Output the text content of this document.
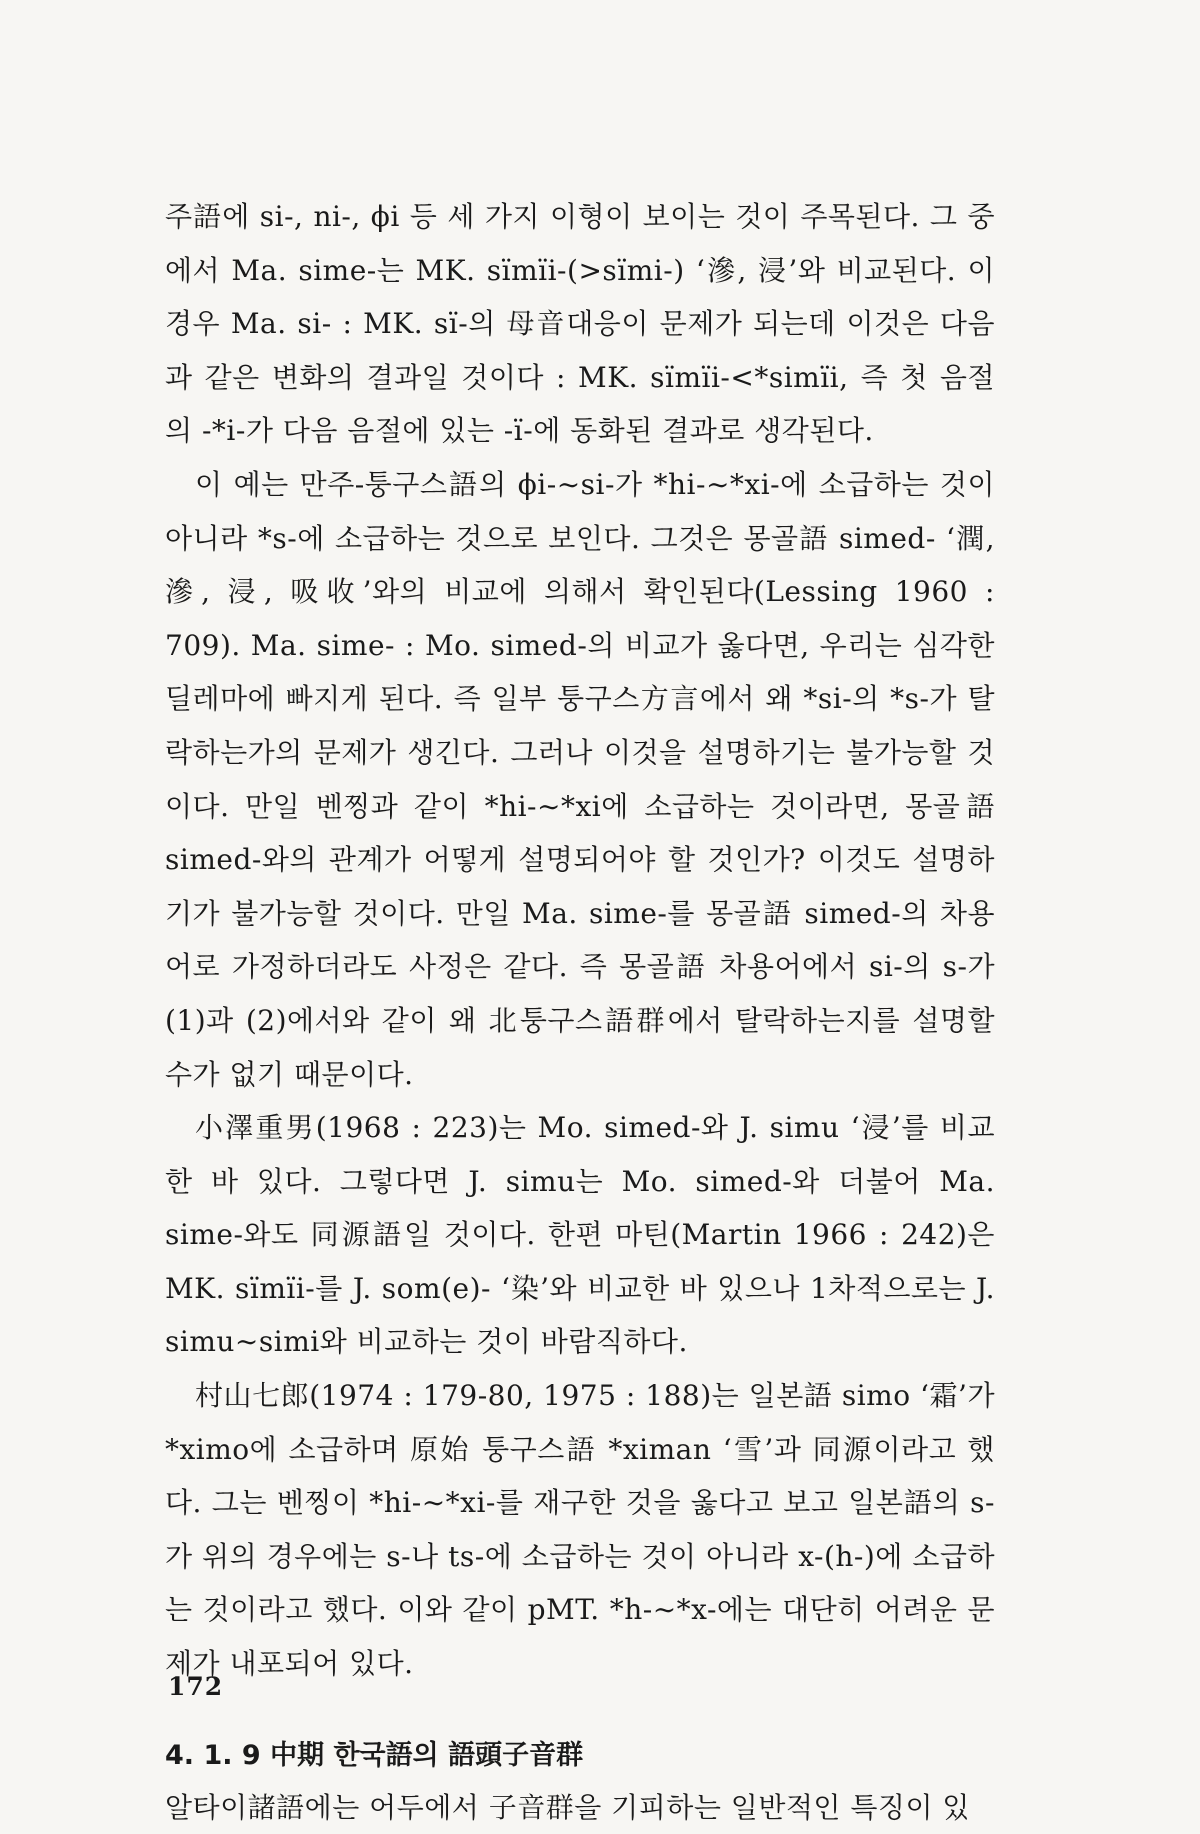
주語에 si-, ni-, ϕi 등 세 가지 이형이 보이는 것이 주목된다. 그 중에서 Ma. sime-는 MK. sïmïi-(>sïmi-) ‘滲, 浸’와 비교된다. 이 경우 Ma. si- : MK. sï-의 母音대응이 문제가 되는데 이것은 다음과 같은 변화의 결과일 것이다 : MK. sïmïi-<*simïi, 즉 첫 음절의 -*i-가 다음 음절에 있는 -ï-에 동화된 결과로 생각된다.

이 예는 만주-퉁구스語의 ϕi-∼si-가 *hi-∼*xi-에 소급하는 것이 아니라 *s-에 소급하는 것으로 보인다. 그것은 몽골語 simed- ‘潤, 滲, 浸, 吸收’와의 비교에 의해서 확인된다(Lessing 1960 : 709). Ma. sime- : Mo. simed-의 비교가 옳다면, 우리는 심각한 딜레마에 빠지게 된다. 즉 일부 퉁구스方言에서 왜 *si-의 *s-가 탈락하는가의 문제가 생긴다. 그러나 이것을 설명하기는 불가능할 것이다. 만일 벤찡과 같이 *hi-∼*xi에 소급하는 것이라면, 몽골語 simed-와의 관계가 어떻게 설명되어야 할 것인가? 이것도 설명하기가 불가능할 것이다. 만일 Ma. sime-를 몽골語 simed-의 차용어로 가정하더라도 사정은 같다. 즉 몽골語 차용어에서 si-의 s-가 (1)과 (2)에서와 같이 왜 北퉁구스語群에서 탈락하는지를 설명할 수가 없기 때문이다.

小澤重男(1968 : 223)는 Mo. simed-와 J. simu ‘浸’를 비교한 바 있다. 그렇다면 J. simu는 Mo. simed-와 더불어 Ma. sime-와도 同源語일 것이다. 한편 마틴(Martin 1966 : 242)은 MK. sïmïi-를 J. som(e)- ‘染’와 비교한 바 있으나 1차적으로는 J. simu∼simi와 비교하는 것이 바람직하다.

村山七郎(1974 : 179-80, 1975 : 188)는 일본語 simo ‘霜’가 *ximo에 소급하며 原始 퉁구스語 *ximan ‘雪’과 同源이라고 했다. 그는 벤찡이 *hi-∼*xi-를 재구한 것을 옳다고 보고 일본語의 s-가 위의 경우에는 s-나 ts-에 소급하는 것이 아니라 x-(h-)에 소급하는 것이라고 했다. 이와 같이 pMT. *h-∼*x-에는 대단히 어려운 문제가 내포되어 있다.

4. 1. 9 中期 한국語의 語頭子音群

알타이諸語에는 어두에서 子音群을 기피하는 일반적인 특징이 있

172
